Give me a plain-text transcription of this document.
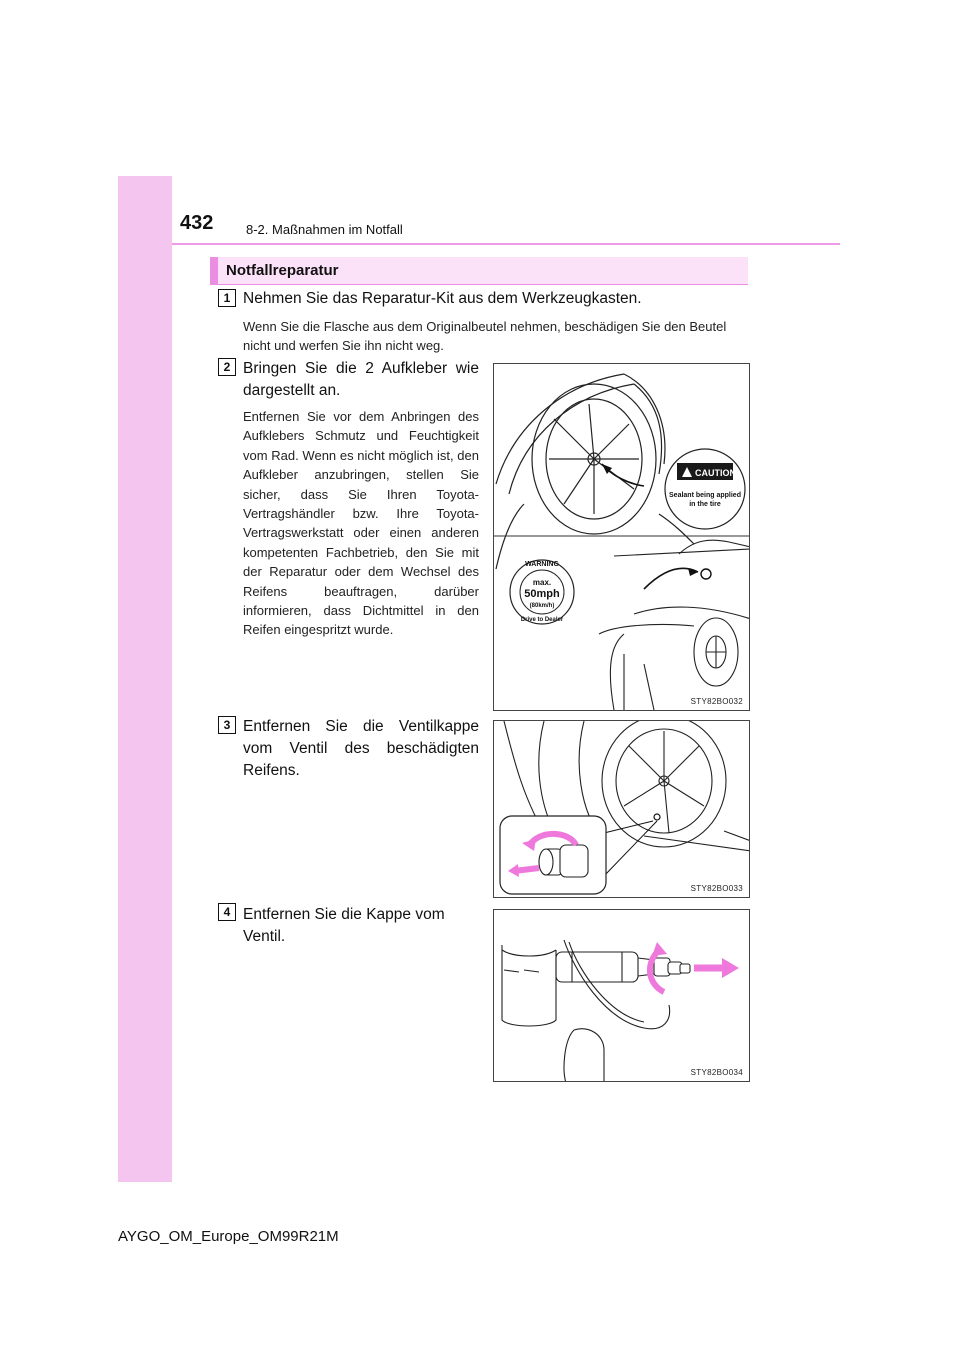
432	8-2. Maßnahmen im Notfall
Notfallreparatur
1 Nehmen Sie das Reparatur-Kit aus dem Werkzeugkasten.
Wenn Sie die Flasche aus dem Originalbeutel nehmen, beschädigen Sie den Beutel nicht und werfen Sie ihn nicht weg.
2 Bringen Sie die 2 Aufkleber wie dargestellt an.
Entfernen Sie vor dem Anbringen des Aufklebers Schmutz und Feuchtigkeit vom Rad. Wenn es nicht möglich ist, den Aufkleber anzubringen, stellen Sie sicher, dass Sie Ihren Toyota-Vertragshändler bzw. Ihre Toyota-Vertragswerkstatt oder einen anderen kompetenten Fachbetrieb, den Sie mit der Reparatur oder dem Wechsel des Reifens beauftragen, darüber informieren, dass Dichtmittel in den Reifen eingespritzt wurde.
CAUTION
Sealant being applied
in the tire
WARNING
max.
50mph
(80km/h)
Drive to Dealer
STY82BO032
3 Entfernen Sie die Ventilkappe vom Ventil des beschädigten Reifens.
STY82BO033
4 Entfernen Sie die Kappe vom Ventil.
STY82BO034
AYGO_OM_Europe_OM99R21M
